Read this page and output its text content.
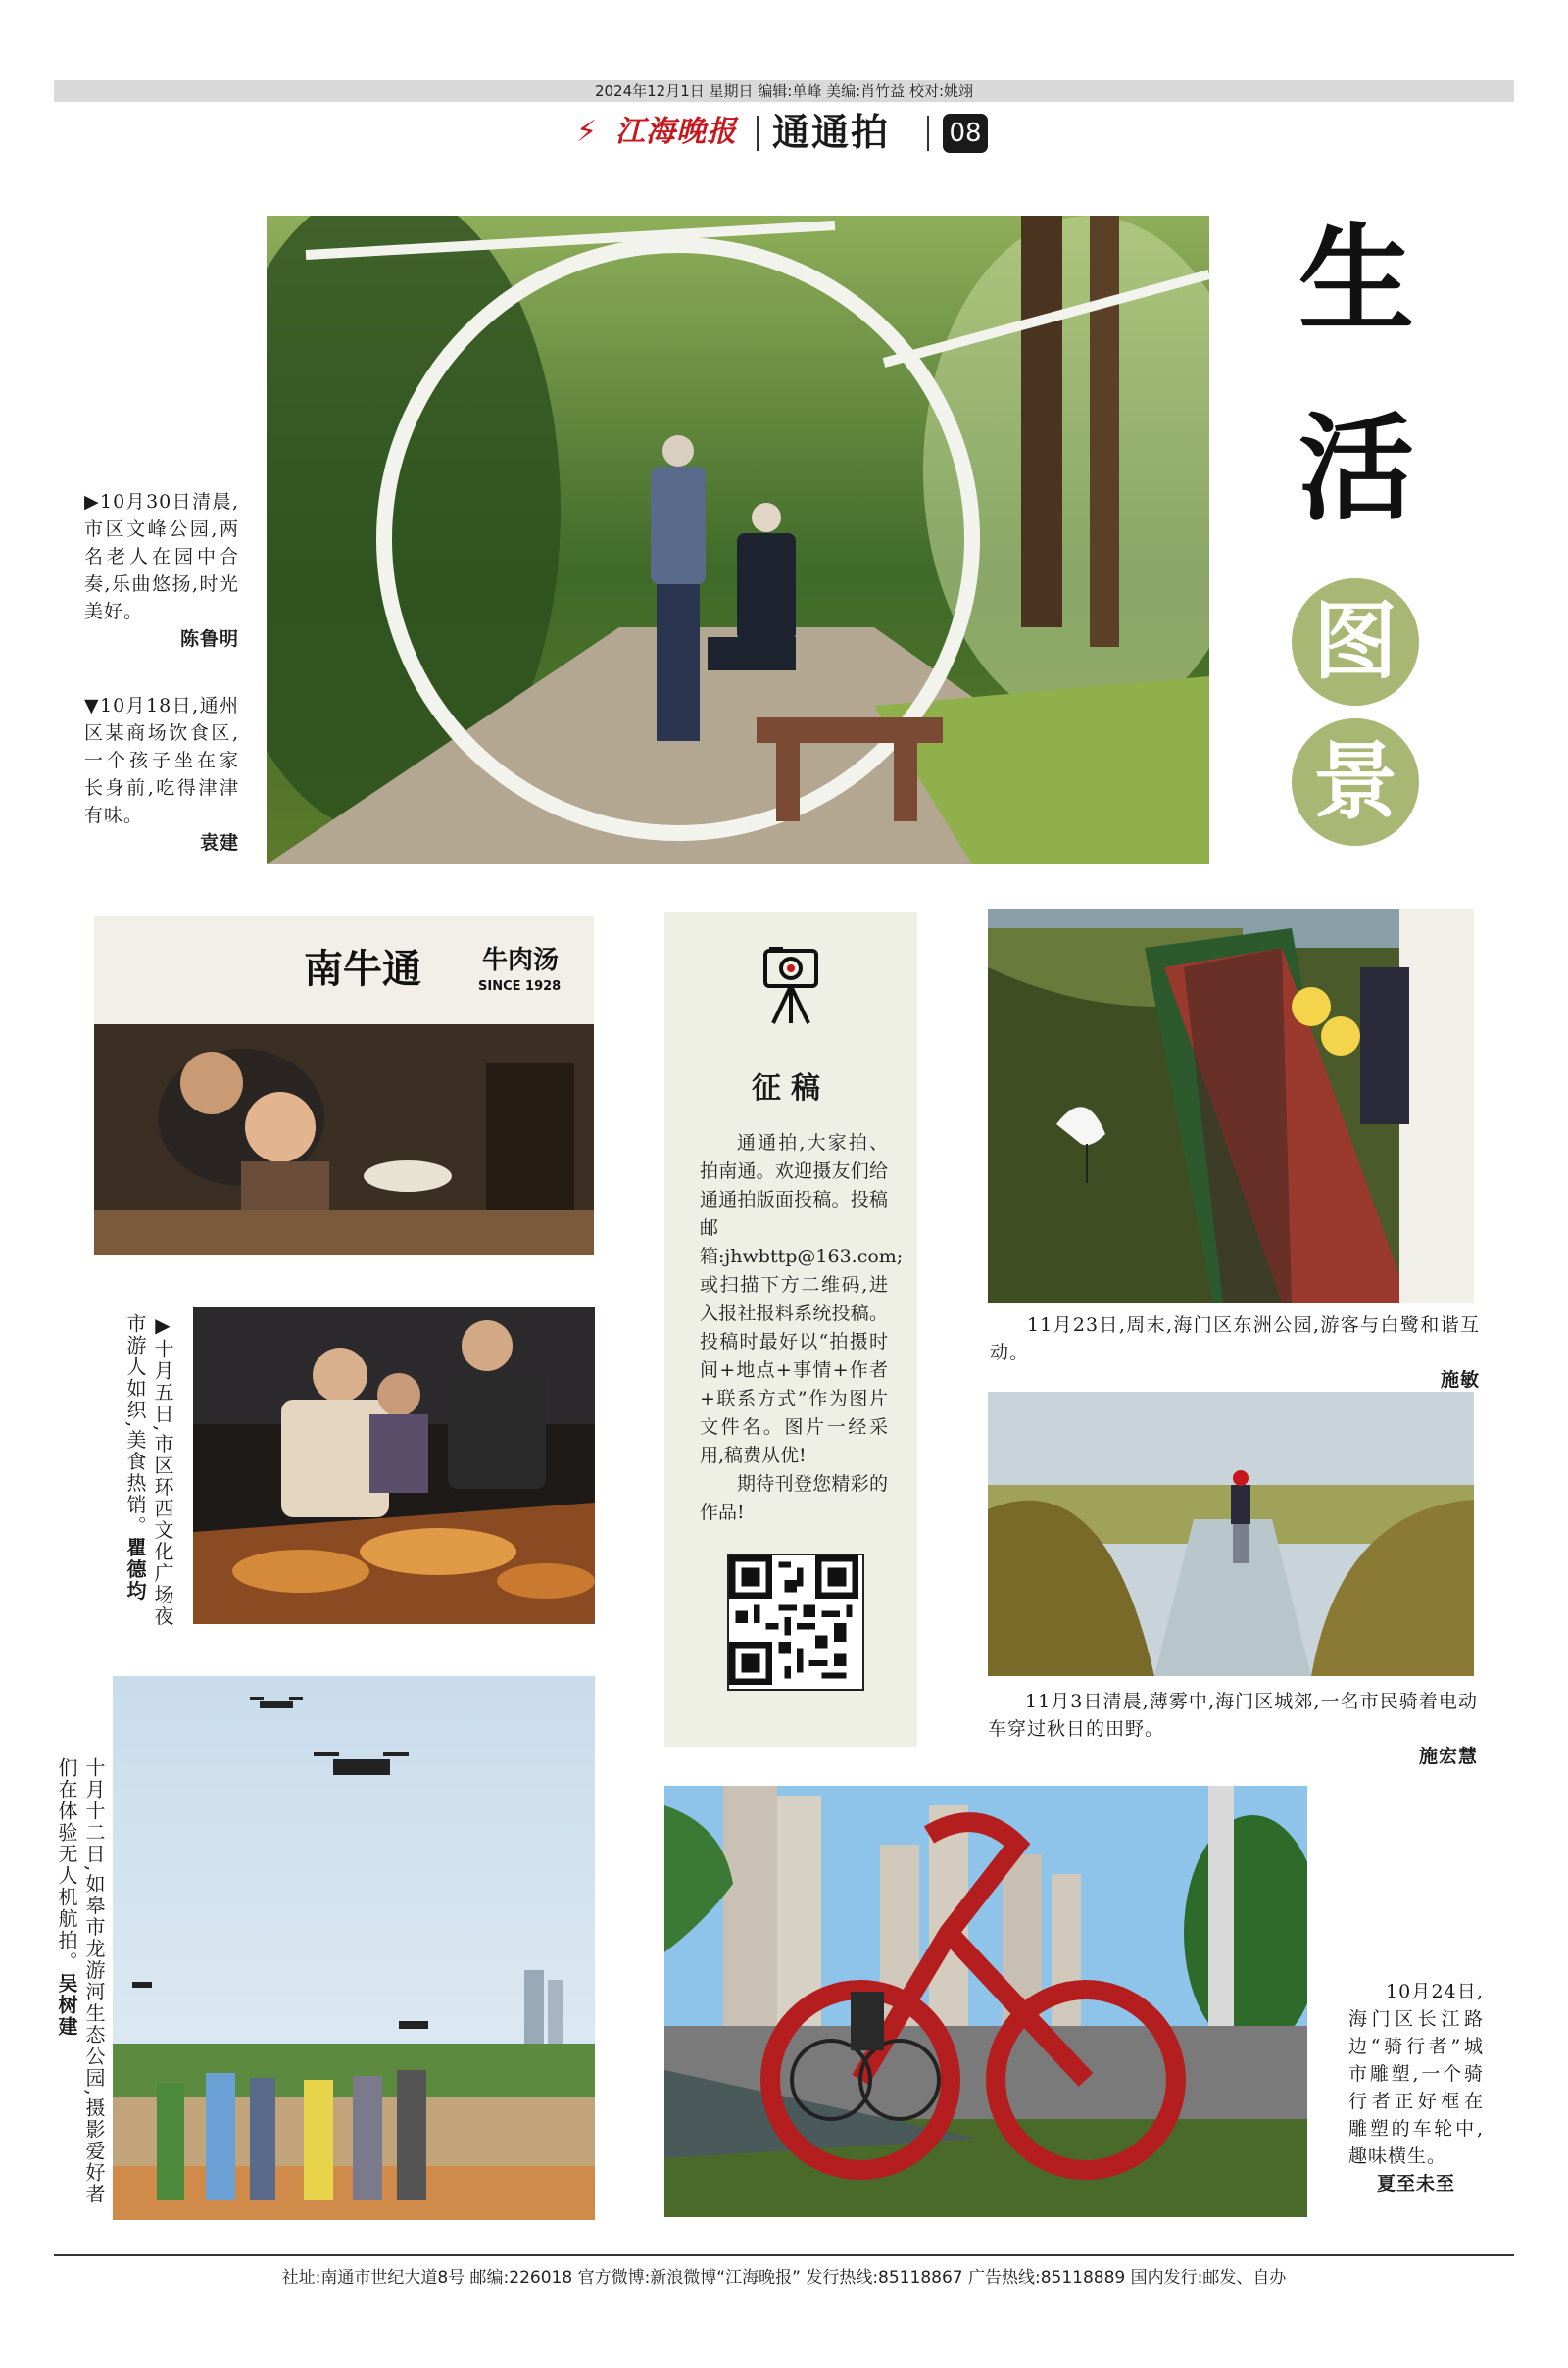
2024年12月1日 星期日 编辑:单峰 美编:肖竹益 校对:姚翊
⚡ 江海晚报 通通拍 08
生
活
图
景
▶10月30日清晨,市区文峰公园,两名老人在园中合奏,乐曲悠扬,时光美好。
陈鲁明
▼10月18日,通州区某商场饮食区,一个孩子坐在家长身前,吃得津津有味。
袁建
南牛通 牛肉汤
SINCE 1928
▶十月五日,市区环西文化广场夜市游人如织,美食热销。瞿德均
十月十二日,如皋市龙游河生态公园,摄影爱好者们在体验无人机航拍。吴树建
征稿

通通拍,大家拍、拍南通。欢迎摄友们给通通拍版面投稿。投稿邮箱:jhwbttp@163.com;或扫描下方二维码,进入报社报料系统投稿。投稿时最好以“拍摄时间+地点+事情+作者+联系方式”作为图片文件名。图片一经采用,稿费从优!

期待刊登您精彩的作品!

11月23日,周末,海门区东洲公园,游客与白鹭和谐互动。
施敏
11月3日清晨,薄雾中,海门区城郊,一名市民骑着电动车穿过秋日的田野。
施宏慧
10月24日,海门区长江路边“骑行者”城市雕塑,一个骑行者正好框在雕塑的车轮中,趣味横生。
夏至未至
社址:南通市世纪大道8号 邮编:226018 官方微博:新浪微博“江海晚报” 发行热线:85118867 广告热线:85118889 国内发行:邮发、自办
